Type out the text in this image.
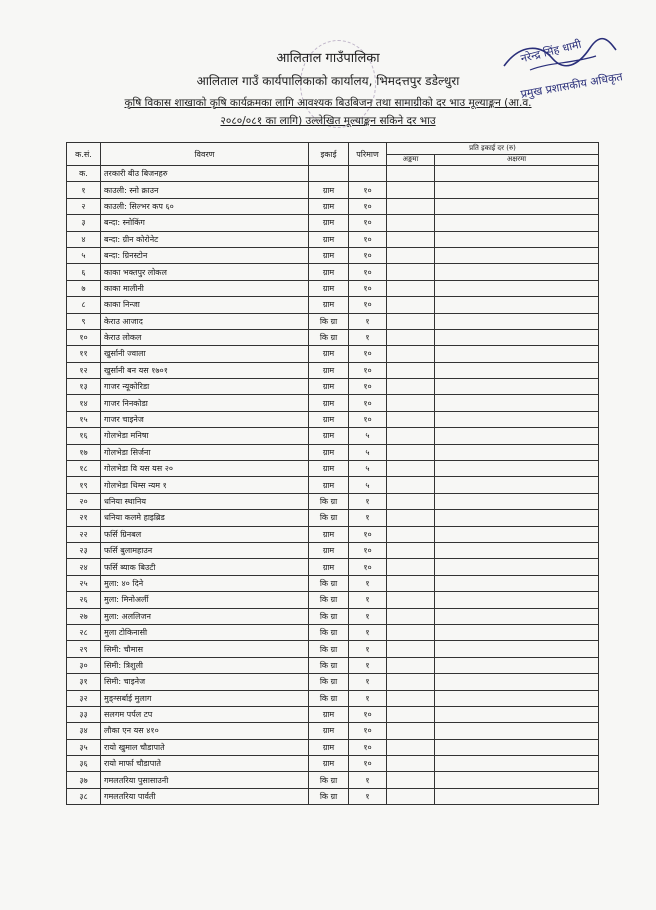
आलिताल गाउँपालिका
आलिताल गाउँ कार्यपालिकाको कार्यालय, भिमदत्तपुर डडेल्धुरा
कृषि विकास शाखाको कृषि कार्यक्रमका लागि आवश्यक बिउबिजन तथा सामाग्रीको दर भाउ मूल्याङ्कन (आ.व.
२०८०/०८१ का लागि) उल्लेखित मूल्याङ्कन सकिने दर भाउ
नरेन्द्र सिंह धामी
प्रमुख प्रशासकीय अधिकृत
क.सं.	विवरण	इकाई	परिमाण	प्रति इकाई दर (रु)	
				अङ्कमा	अक्षरमा
क.	तरकारी बीउ बिजनहरु				
१	काउली: स्नो क्राउन	ग्राम	१०		
२	काउली: सिल्भर कप ६०	ग्राम	१०		
३	बन्दा: स्नोकिंग	ग्राम	१०		
४	बन्दा: ग्रीन कोरोनेट	ग्राम	१०		
५	बन्दा: ग्रिनस्टोन	ग्राम	१०		
६	काका भक्तपुर लोकल	ग्राम	१०		
७	काका मालीनी	ग्राम	१०		
८	काका निन्जा	ग्राम	१०		
९	केराउ आजाद	कि ग्रा	१		
१०	केराउ लोकल	कि ग्रा	१		
११	खुर्सानी ज्वाला	ग्राम	१०		
१२	खुर्सानी बन यस १७०१	ग्राम	१०		
१३	गाजर न्यूकोरिडा	ग्राम	१०		
१४	गाजर निनकोडा	ग्राम	१०		
१५	गाजर चाइनेज	ग्राम	१०		
१६	गोलभेडा मनिषा	ग्राम	५		
१७	गोलभेडा सिर्जना	ग्राम	५		
१८	गोलभेडा वि यस यस २०	ग्राम	५		
१९	गोलभेडा थिम्स न्यम १	ग्राम	५		
२०	धनिया स्थानिय	कि ग्रा	१		
२१	धनिया कलमे हाइब्रिड	कि ग्रा	१		
२२	फर्सि ग्रिनबल	ग्राम	१०		
२३	फर्सि बुलामहाउन	ग्राम	१०		
२४	फर्सि ब्याक बिउटी	ग्राम	१०		
२५	मुला: ४० दिने	कि ग्रा	१		
२६	मुला: मिनोअर्ली	कि ग्रा	१		
२७	मुला: अललिजन	कि ग्रा	१		
२८	मुला टोकिनासी	कि ग्रा	१		
२९	सिमी: चौमास	कि ग्रा	१		
३०	सिमी: त्रिशुली	कि ग्रा	१		
३१	सिमी: चाइनेज	कि ग्रा	१		
३२	मुङ्ग्सर्बाई मुलाग	कि ग्रा	१		
३३	सलगम पर्पल टप	ग्राम	१०		
३४	लौका एन यस ४१०	ग्राम	१०		
३५	रायो खुमाल चौडापाते	ग्राम	१०		
३६	रायो मार्फा चौडापाते	ग्राम	१०		
३७	गमलतरिया पुसासाउनी	कि ग्रा	१		
३८	गमलतरिया पार्वती	कि ग्रा	१		
